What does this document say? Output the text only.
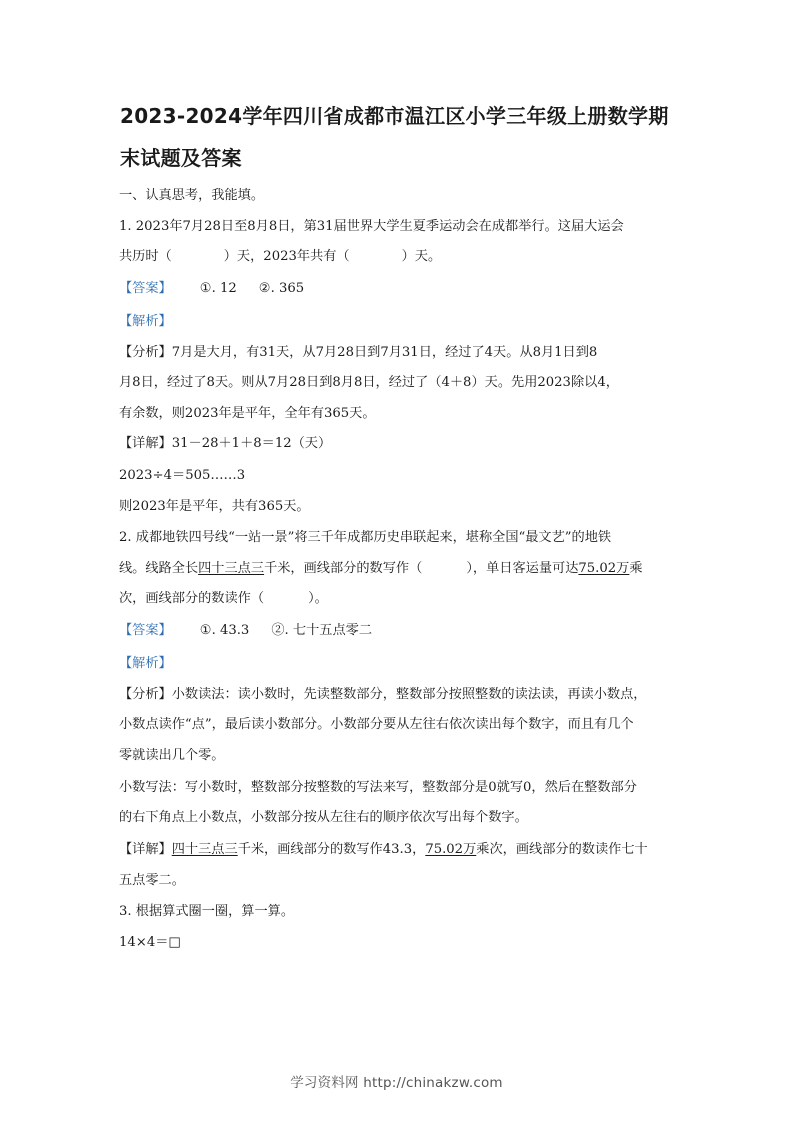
2023-2024学年四川省成都市温江区小学三年级上册数学期
末试题及答案
一、认真思考，我能填。
1. 2023年7月28日至8月8日，第31届世界大学生夏季运动会在成都举行。这届大运会
共历时（	）天，2023年共有（	）天。
【答案】 ①. 12 ②. 365
【解析】
【分析】7月是大月，有31天，从7月28日到7月31日，经过了4天。从8月1日到8
月8日，经过了8天。则从7月28日到8月8日，经过了（4＋8）天。先用2023除以4，
有余数，则2023年是平年，全年有365天。
【详解】31－28＋1＋8＝12（天）
2023÷4＝505……3
则2023年是平年，共有365天。
2. 成都地铁四号线“一站一景”将三千年成都历史串联起来，堪称全国“最文艺”的地铁
线。线路全长四十三点三千米，画线部分的数写作（	），单日客运量可达75.02万乘
次，画线部分的数读作（	）。
【答案】 ①. 43.3 ②. 七十五点零二
【解析】
【分析】小数读法：读小数时，先读整数部分，整数部分按照整数的读法读，再读小数点，
小数点读作“点”，最后读小数部分。小数部分要从左往右依次读出每个数字，而且有几个
零就读出几个零。
小数写法：写小数时，整数部分按整数的写法来写，整数部分是0就写0，然后在整数部分
的右下角点上小数点，小数部分按从左往右的顺序依次写出每个数字。
【详解】四十三点三千米，画线部分的数写作43.3，75.02万乘次，画线部分的数读作七十
五点零二。
3. 根据算式圈一圈，算一算。
14×4＝□
学习资料网 http://chinakzw.com
